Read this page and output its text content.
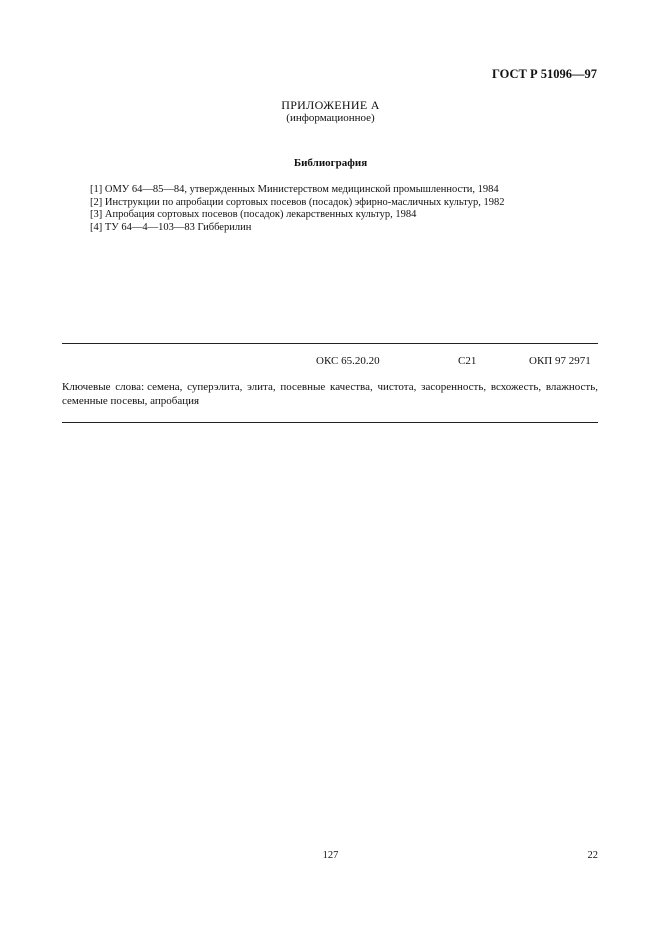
ГОСТ Р 51096—97
ПРИЛОЖЕНИЕ А
(информационное)
Библиография
[1] ОМУ 64—85—84, утвержденных Министерством медицинской промышленности, 1984
[2] Инструкции по апробации сортовых посевов (посадок) эфирно-масличных культур, 1982
[3] Апробация сортовых посевов (посадок) лекарственных культур, 1984
[4] ТУ 64—4—103—83 Гибберилин
ОКС 65.20.20	С21	ОКП 97 2971
Ключевые слова: семена, суперэлита, элита, посевные качества, чистота, засоренность, всхожесть, влажность, семенные посевы, апробация
127	22
